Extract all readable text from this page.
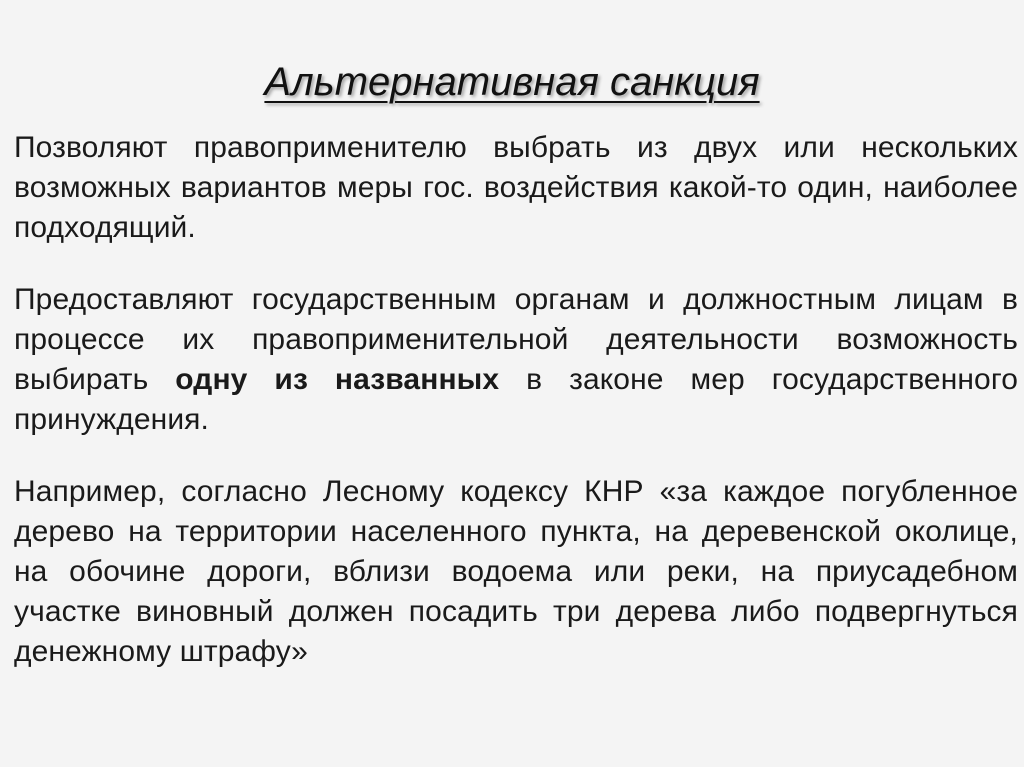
Альтернативная санкция

Позволяют правоприменителю выбрать из двух или нескольких возможных вариантов меры гос. воздействия какой-то один, наиболее подходящий.

Предоставляют государственным органам и должностным лицам в процессе их правоприменительной деятельности возможность выбирать одну из названных в законе мер государственного принуждения.

Например, согласно Лесному кодексу КНР «за каждое погубленное дерево на территории населенного пункта, на деревенской околице, на обочине дороги, вблизи водоема или реки, на приусадебном участке виновный должен посадить три дерева либо подвергнуться денежному штрафу»
